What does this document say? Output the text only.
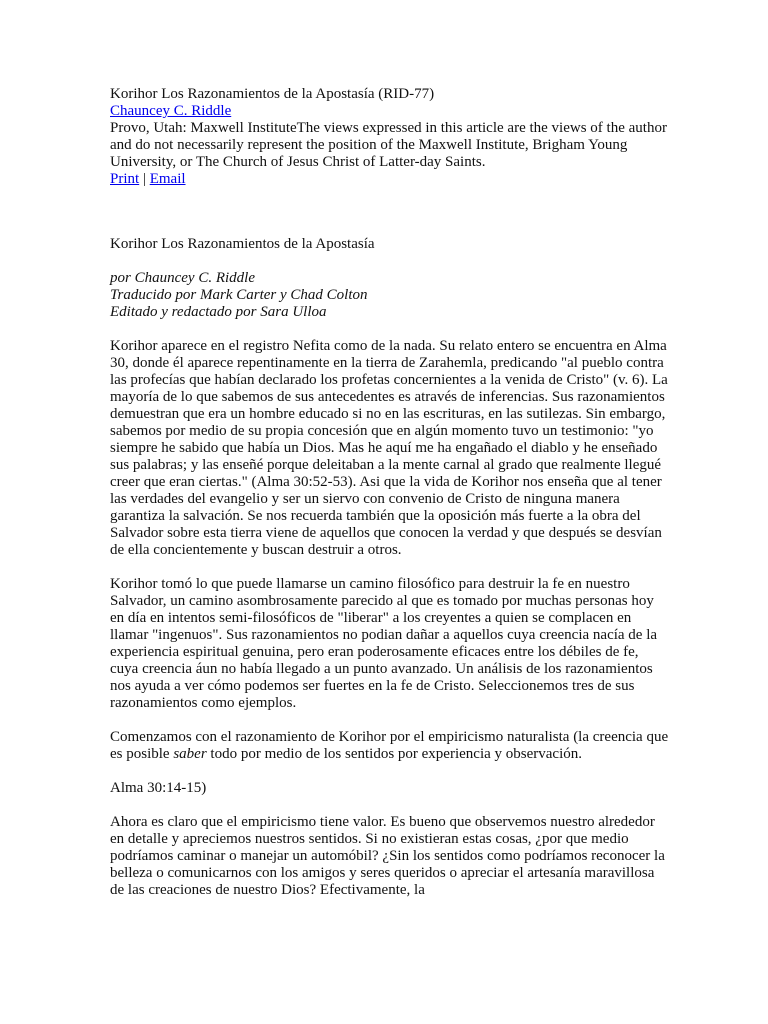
Korihor Los Razonamientos de la Apostasía (RID-77)
Chauncey C. Riddle
Provo, Utah: Maxwell InstituteThe views expressed in this article are the views of the author and do not necessarily represent the position of the Maxwell Institute, Brigham Young University, or The Church of Jesus Christ of Latter-day Saints.
Print | Email

Korihor Los Razonamientos de la Apostasía

por Chauncey C. Riddle
Traducido por Mark Carter y Chad Colton
Editado y redactado por Sara Ulloa

Korihor aparece en el registro Nefita como de la nada. Su relato entero se encuentra en Alma 30, donde él aparece repentinamente en la tierra de Zarahemla, predicando "al pueblo contra las profecías que habían declarado los profetas concernientes a la venida de Cristo" (v. 6). La mayoría de lo que sabemos de sus antecedentes es através de inferencias. Sus razonamientos demuestran que era un hombre educado si no en las escrituras, en las sutilezas. Sin embargo, sabemos por medio de su propia concesión que en algún momento tuvo un testimonio: "yo siempre he sabido que había un Dios. Mas he aquí me ha engañado el diablo y he enseñado sus palabras; y las enseñé porque deleitaban a la mente carnal al grado que realmente llegué creer que eran ciertas." (Alma 30:52-53). Asi que la vida de Korihor nos enseña que al tener las verdades del evangelio y ser un siervo con convenio de Cristo de ninguna manera garantiza la salvación. Se nos recuerda también que la oposición más fuerte a la obra del Salvador sobre esta tierra viene de aquellos que conocen la verdad y que después se desvían de ella concientemente y buscan destruir a otros.

Korihor tomó lo que puede llamarse un camino filosófico para destruir la fe en nuestro Salvador, un camino asombrosamente parecido al que es tomado por muchas personas hoy en día en intentos semi-filosóficos de "liberar" a los creyentes a quien se complacen en llamar "ingenuos". Sus razonamientos no podian dañar a aquellos cuya creencia nacía de la experiencia espiritual genuina, pero eran poderosamente eficaces entre los débiles de fe, cuya creencia áun no había llegado a un punto avanzado. Un análisis de los razonamientos nos ayuda a ver cómo podemos ser fuertes en la fe de Cristo. Seleccionemos tres de sus razonamientos como ejemplos.

Comenzamos con el razonamiento de Korihor por el empiricismo naturalista (la creencia que es posible saber todo por medio de los sentidos por experiencia y observación.

Alma 30:14-15)

Ahora es claro que el empiricismo tiene valor. Es bueno que observemos nuestro alrededor en detalle y apreciemos nuestros sentidos. Si no existieran estas cosas, ¿por que medio podríamos caminar o manejar un automóbil? ¿Sin los sentidos como podríamos reconocer la belleza o comunicarnos con los amigos y seres queridos o apreciar el artesanía maravillosa de las creaciones de nuestro Dios? Efectivamente, la
